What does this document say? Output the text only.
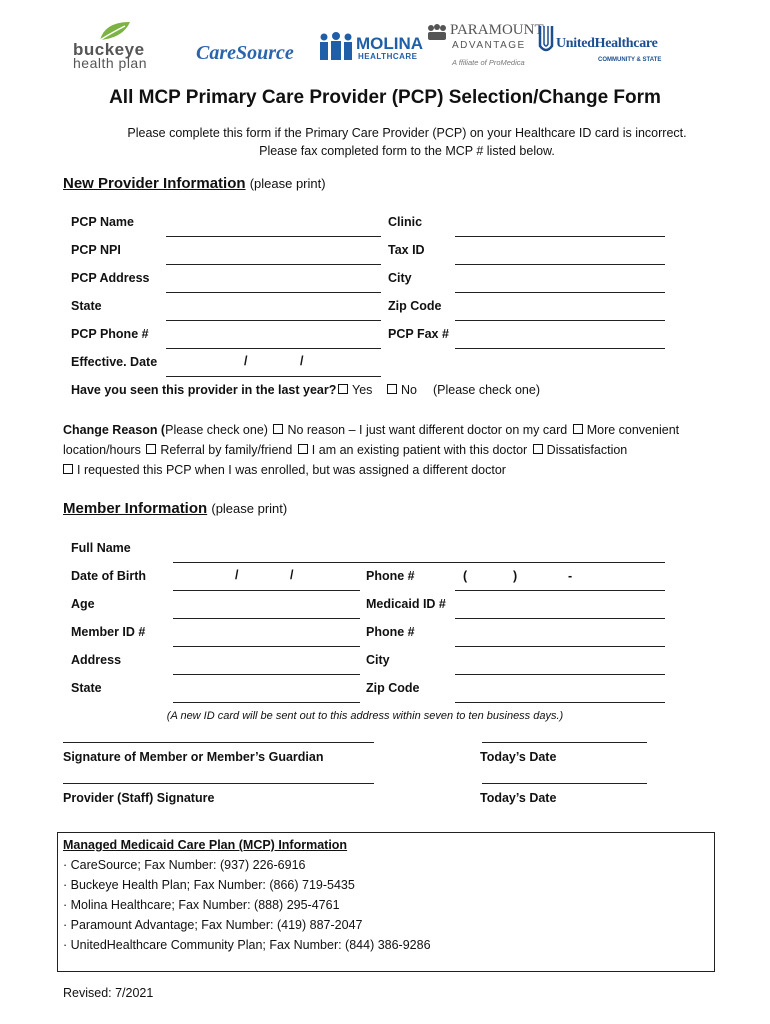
buckeye
health plan CareSource	MOLINA
HEALTHCARE
PARAMOUNT
ADVANTAGE
A ffiliate of ProMedica
UnitedHealthcare
COMMUNITY & STATE
All MCP Primary Care Provider (PCP) Selection/Change Form
Please complete this form if the Primary Care Provider (PCP) on your Healthcare ID card is incorrect.
Please fax completed form to the MCP # listed below.
New Provider Information (please print)
PCP Name	Clinic
PCP NPI	Tax ID
PCP Address	City
State	Zip Code
PCP Phone #	PCP Fax #
Effective. Date	/	/
Have you seen this provider in the last year?	Yes	No (Please check one)
Change Reason (Please check one) No reason – I just want different doctor on my card More convenient
location/hours Referral by family/friend I am an existing patient with this doctor Dissatisfaction
I requested this PCP when I was enrolled, but was assigned a different doctor
Member Information (please print)
Full Name
Date of Birth	/	/	Phone #	(	)	-
Age	Medicaid ID #
Member ID #	Phone #
Address	City
State	Zip Code
(A new ID card will be sent out to this address within seven to ten business days.)
Signature of Member or Member’s Guardian	Today’s Date
Provider (Staff) Signature	Today’s Date
Managed Medicaid Care Plan (MCP) Information
· CareSource; Fax Number: (937) 226-6916
· Buckeye Health Plan; Fax Number: (866) 719-5435
· Molina Healthcare; Fax Number: (888) 295-4761
· Paramount Advantage; Fax Number: (419) 887-2047
· UnitedHealthcare Community Plan; Fax Number: (844) 386-9286
Revised: 7/2021
